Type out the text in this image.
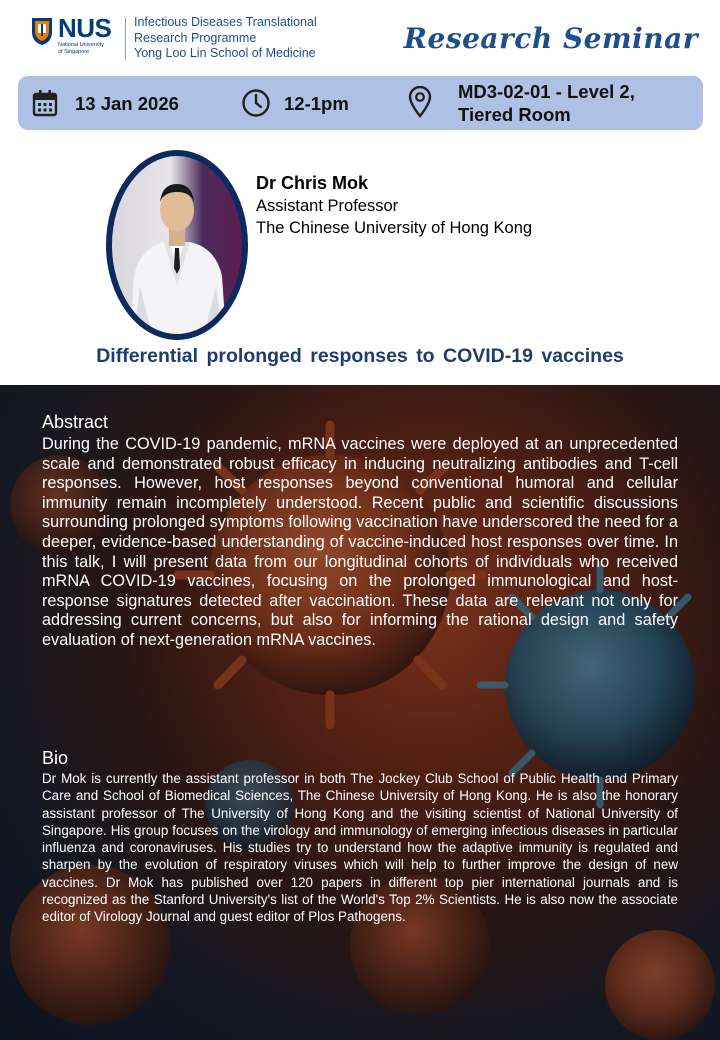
NUS
National University
of Singapore
Infectious Diseases Translational
Research Programme
Yong Loo Lin School of Medicine	Research Seminar
13 Jan 2026	12-1pm
MD3-02-01 - Level 2,
Tiered Room
Dr Chris Mok
Assistant Professor
The Chinese University of Hong Kong
Differential prolonged responses to COVID-19 vaccines
Abstract
During the COVID-19 pandemic, mRNA vaccines were deployed at an unprecedented scale and demonstrated robust efficacy in inducing neutralizing antibodies and T-cell responses. However, host responses beyond conventional humoral and cellular immunity remain incompletely understood. Recent public and scientific discussions surrounding prolonged symptoms following vaccination have underscored the need for a deeper, evidence-based understanding of vaccine-induced host responses over time. In this talk, I will present data from our longitudinal cohorts of individuals who received mRNA COVID-19 vaccines, focusing on the prolonged immunological and host-response signatures detected after vaccination. These data are relevant not only for addressing current concerns, but also for informing the rational design and safety evaluation of next-generation mRNA vaccines.
Bio
Dr Mok is currently the assistant professor in both The Jockey Club School of Public Health and Primary Care and School of Biomedical Sciences, The Chinese University of Hong Kong. He is also the honorary assistant professor of The University of Hong Kong and the visiting scientist of National University of Singapore. His group focuses on the virology and immunology of emerging infectious diseases in particular influenza and coronaviruses. His studies try to understand how the adaptive immunity is regulated and sharpen by the evolution of respiratory viruses which will help to further improve the design of new vaccines. Dr Mok has published over 120 papers in different top pier international journals and is recognized as the Stanford University's list of the World's Top 2% Scientists. He is also now the associate editor of Virology Journal and guest editor of Plos Pathogens.
